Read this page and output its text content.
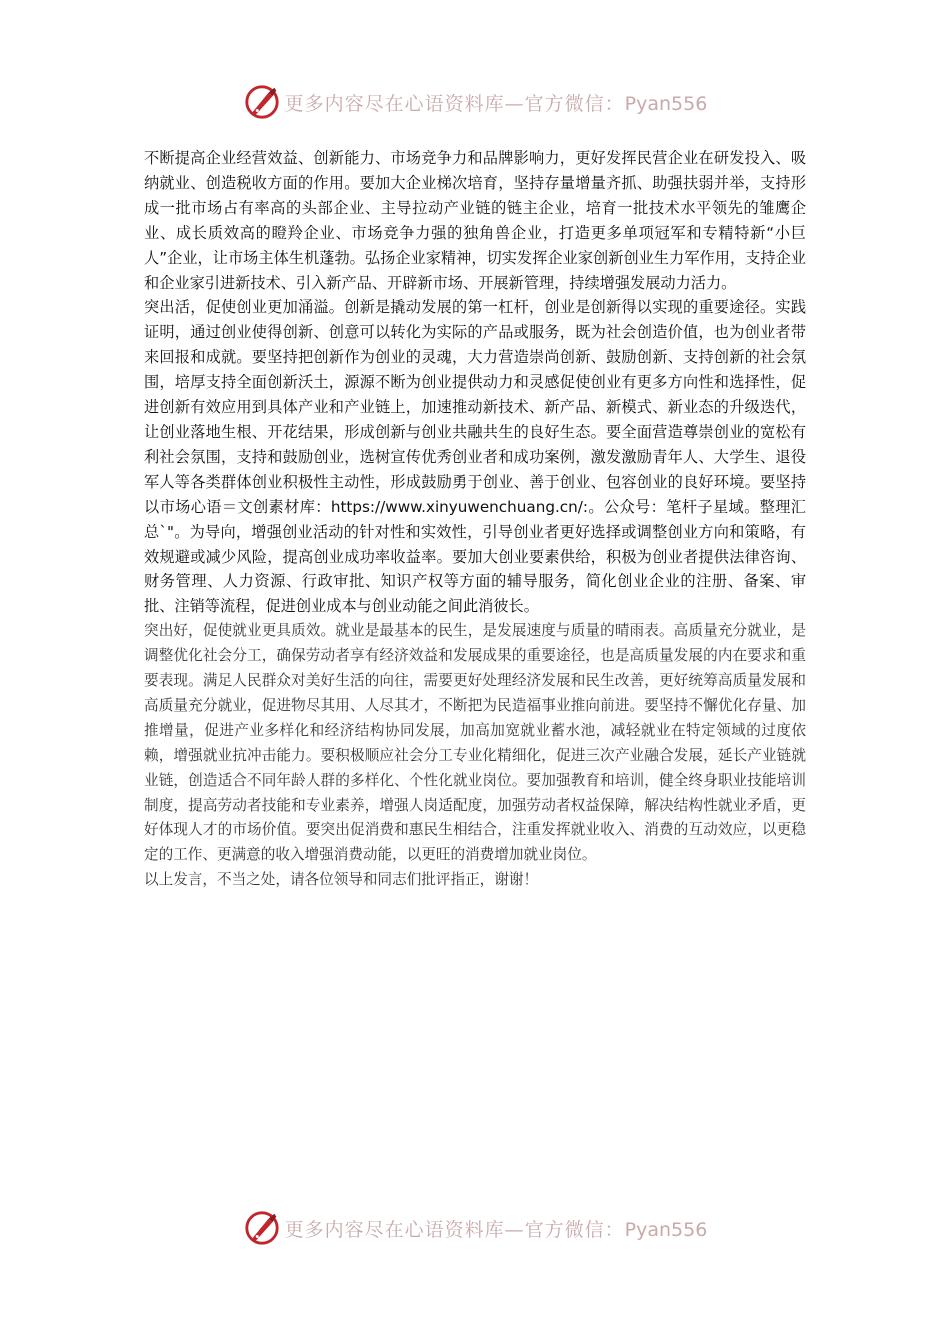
更多内容尽在心语资料库—官方微信：Pyan556

不断提高企业经营效益、创新能力、市场竞争力和品牌影响力，更好发挥民营企业在研发投入、吸纳就业、创造税收方面的作用。要加大企业梯次培育，坚持存量增量齐抓、助强扶弱并举，支持形成一批市场占有率高的头部企业、主导拉动产业链的链主企业，培育一批技术水平领先的雏鹰企业、成长质效高的瞪羚企业、市场竞争力强的独角兽企业，打造更多单项冠军和专精特新“小巨人”企业，让市场主体生机蓬勃。弘扬企业家精神，切实发挥企业家创新创业生力军作用，支持企业和企业家引进新技术、引入新产品、开辟新市场、开展新管理，持续增强发展动力活力。

突出活，促使创业更加涌溢。创新是撬动发展的第一杠杆，创业是创新得以实现的重要途径。实践证明，通过创业使得创新、创意可以转化为实际的产品或服务，既为社会创造价值，也为创业者带来回报和成就。要坚持把创新作为创业的灵魂，大力营造崇尚创新、鼓励创新、支持创新的社会氛围，培厚支持全面创新沃土，源源不断为创业提供动力和灵感促使创业有更多方向性和选择性，促进创新有效应用到具体产业和产业链上，加速推动新技术、新产品、新模式、新业态的升级迭代，让创业落地生根、开花结果，形成创新与创业共融共生的良好生态。要全面营造尊崇创业的宽松有利社会氛围，支持和鼓励创业，选树宣传优秀创业者和成功案例，激发激励青年人、大学生、退役军人等各类群体创业积极性主动性，形成鼓励勇于创业、善于创业、包容创业的良好环境。要坚持以市场心语＝文创素材库：https://www.xinyuwenchuang.cn/:。公众号：笔杆子星域。整理汇总`"。为导向，增强创业活动的针对性和实效性，引导创业者更好选择或调整创业方向和策略，有效规避或减少风险，提高创业成功率收益率。要加大创业要素供给，积极为创业者提供法律咨询、财务管理、人力资源、行政审批、知识产权等方面的辅导服务，简化创业企业的注册、备案、审批、注销等流程，促进创业成本与创业动能之间此消彼长。

突出好，促使就业更具质效。就业是最基本的民生，是发展速度与质量的晴雨表。高质量充分就业，是调整优化社会分工，确保劳动者享有经济效益和发展成果的重要途径，也是高质量发展的内在要求和重要表现。满足人民群众对美好生活的向往，需要更好处理经济发展和民生改善，更好统筹高质量发展和高质量充分就业，促进物尽其用、人尽其才，不断把为民造福事业推向前进。要坚持不懈优化存量、加推增量，促进产业多样化和经济结构协同发展，加高加宽就业蓄水池，减轻就业在特定领域的过度依赖，增强就业抗冲击能力。要积极顺应社会分工专业化精细化，促进三次产业融合发展，延长产业链就业链，创造适合不同年龄人群的多样化、个性化就业岗位。要加强教育和培训，健全终身职业技能培训制度，提高劳动者技能和专业素养，增强人岗适配度，加强劳动者权益保障，解决结构性就业矛盾，更好体现人才的市场价值。要突出促消费和惠民生相结合，注重发挥就业收入、消费的互动效应，以更稳定的工作、更满意的收入增强消费动能，以更旺的消费增加就业岗位。

以上发言，不当之处，请各位领导和同志们批评指正，谢谢！

更多内容尽在心语资料库—官方微信：Pyan556
